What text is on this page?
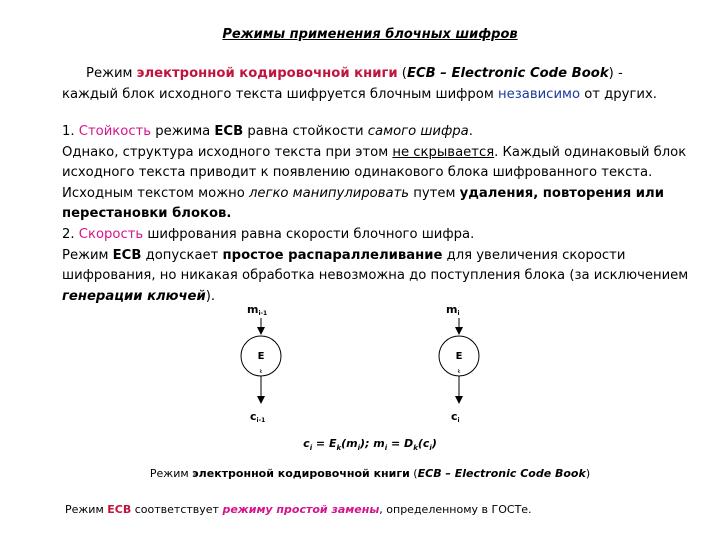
Режимы применения блочных шифров
Режим электронной кодировочной книги (ECB – Electronic Code Book) -
каждый блок исходного текста шифруется блочным шифром независимо от других.
1. Стойкость режима ECB равна стойкости самого шифра.
Однако, структура исходного текста при этом не скрывается. Каждый одинаковый блок
исходного текста приводит к появлению одинакового блока шифрованного текста.
Исходным текстом можно легко манипулировать путем удаления, повторения или
перестановки блоков.
2. Скорость шифрования равна скорости блочного шифра.
Режим ECB допускает простое распараллеливание для увеличения скорости
шифрования, но никакая обработка невозможна до поступления блока (за исключением
генерации ключей).
mi-1
E
k
ci-1
mi
E
k
ci
$c_i = E_k(m_i)$; $m_i = D_k(c_i)$
Режим электронной кодировочной книги (ECB – Electronic Code Book)
Режим ECB соответствует режиму простой замены, определенному в ГОСТе.
